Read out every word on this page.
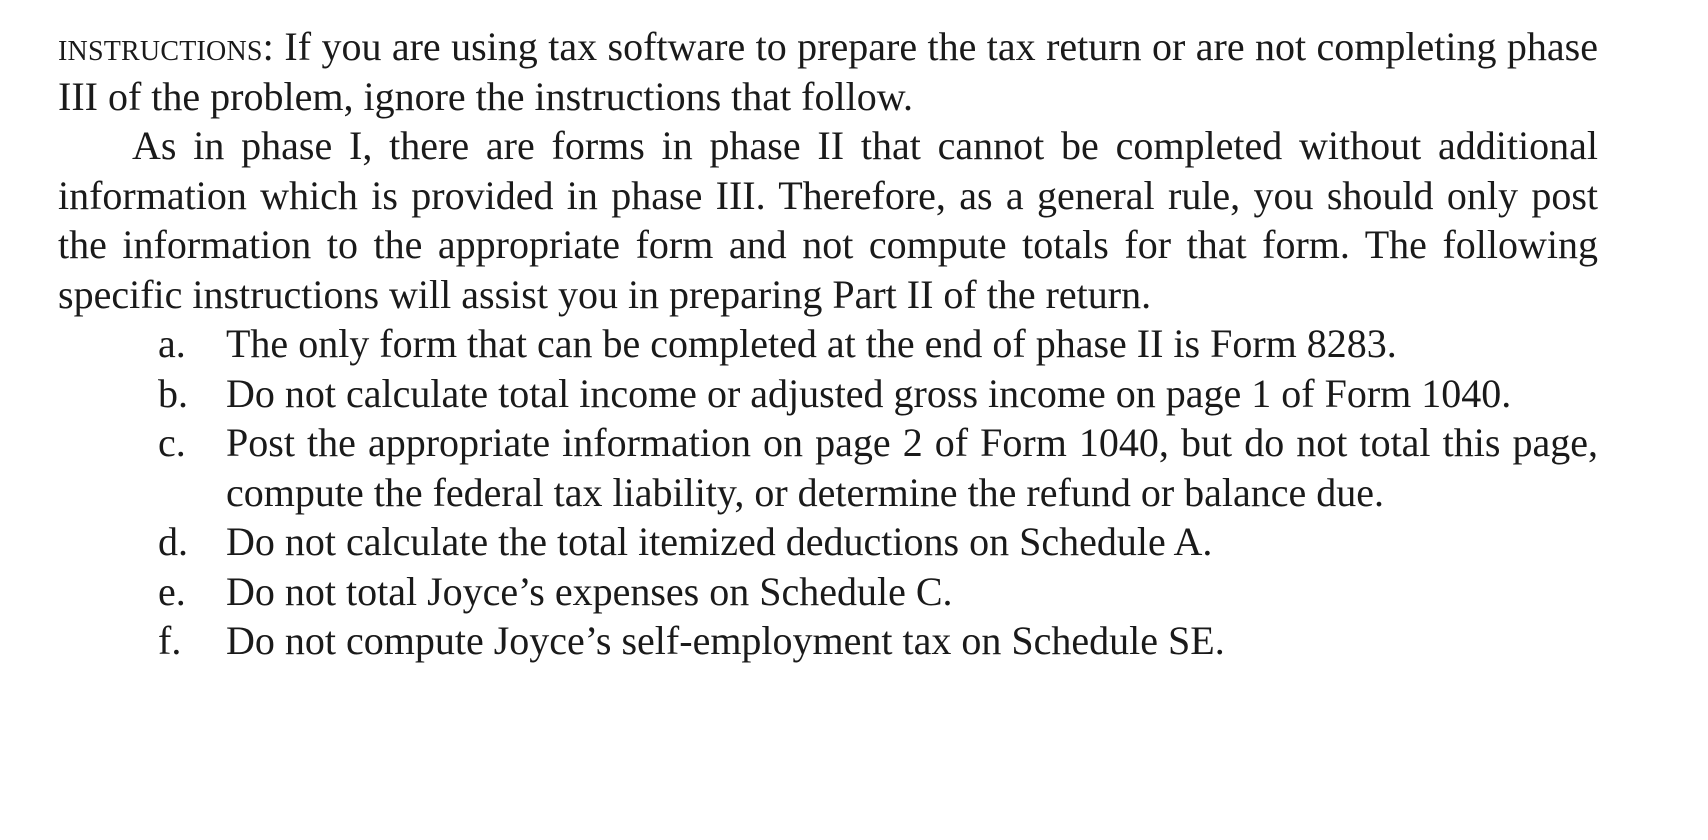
instructions: If you are using tax software to prepare the tax return or are not completing phase III of the problem, ignore the instructions that follow.

As in phase I, there are forms in phase II that cannot be completed without additional information which is provided in phase III. Therefore, as a general rule, you should only post the information to the appropriate form and not compute totals for that form. The following specific instructions will assist you in preparing Part II of the return.

a.	The only form that can be completed at the end of phase II is Form 8283.
b. Do not calculate total income or adjusted gross income on page 1 of Form 1040.
c.	Post the appropriate information on page 2 of Form 1040, but do not total this page, compute the federal tax liability, or determine the refund or balance due.
d. Do not calculate the total itemized deductions on Schedule A.
e.	Do not total Joyce’s expenses on Schedule C.
f.	Do not compute Joyce’s self-employment tax on Schedule SE.
